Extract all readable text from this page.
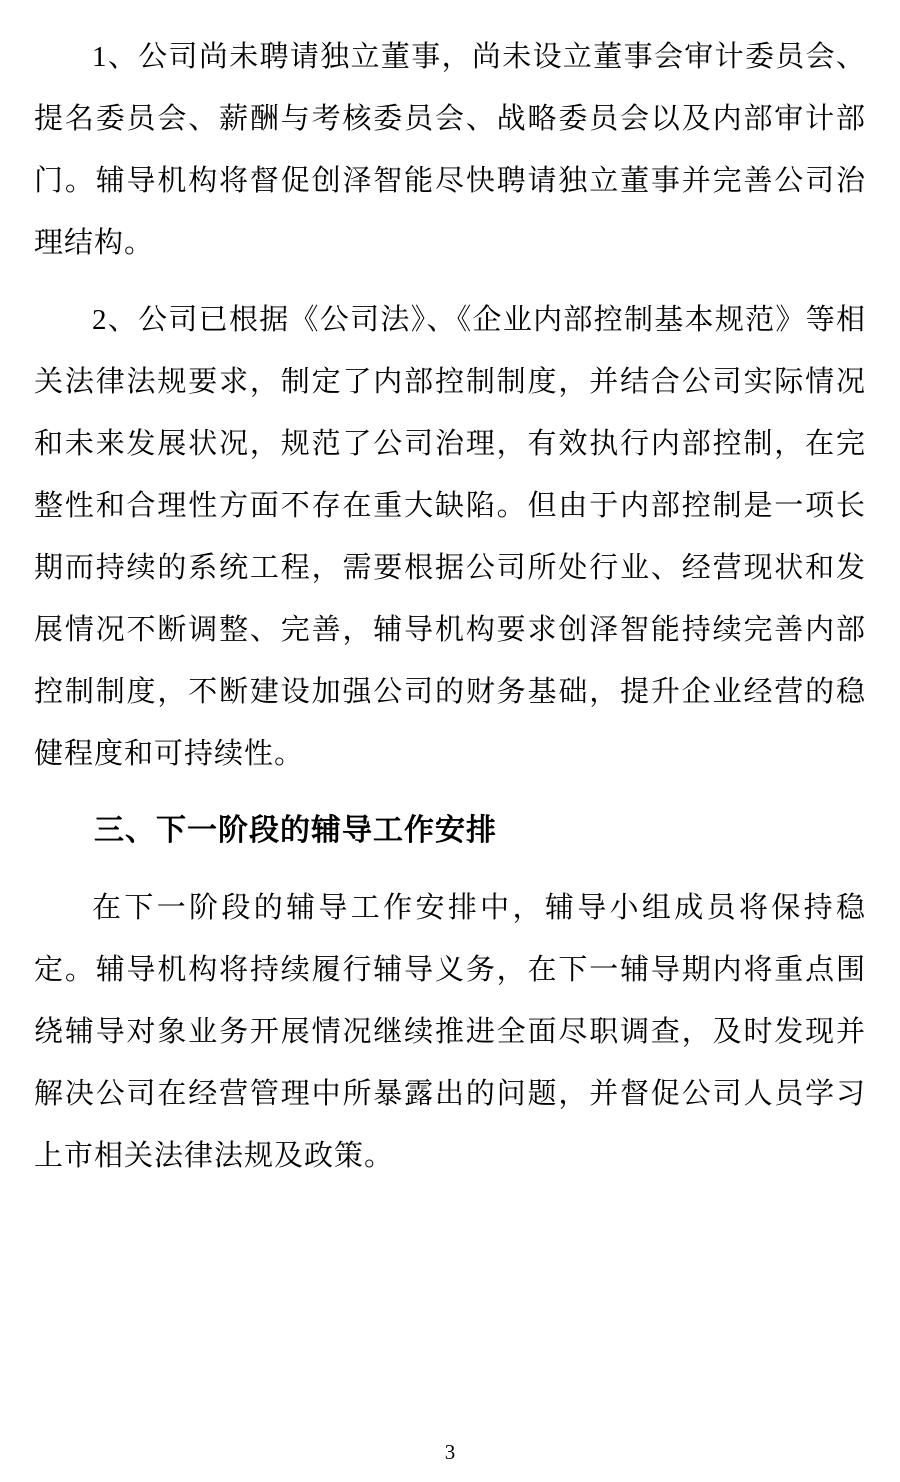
1、公司尚未聘请独立董事，尚未设立董事会审计委员会、提名委员会、薪酬与考核委员会、战略委员会以及内部审计部门。辅导机构将督促创泽智能尽快聘请独立董事并完善公司治理结构。

2、公司已根据《公司法》、《企业内部控制基本规范》等相关法律法规要求，制定了内部控制制度，并结合公司实际情况和未来发展状况，规范了公司治理，有效执行内部控制，在完整性和合理性方面不存在重大缺陷。但由于内部控制是一项长期而持续的系统工程，需要根据公司所处行业、经营现状和发展情况不断调整、完善，辅导机构要求创泽智能持续完善内部控制制度，不断建设加强公司的财务基础，提升企业经营的稳健程度和可持续性。

三、下一阶段的辅导工作安排

在下一阶段的辅导工作安排中，辅导小组成员将保持稳定。辅导机构将持续履行辅导义务，在下一辅导期内将重点围绕辅导对象业务开展情况继续推进全面尽职调查，及时发现并解决公司在经营管理中所暴露出的问题，并督促公司人员学习上市相关法律法规及政策。

3
